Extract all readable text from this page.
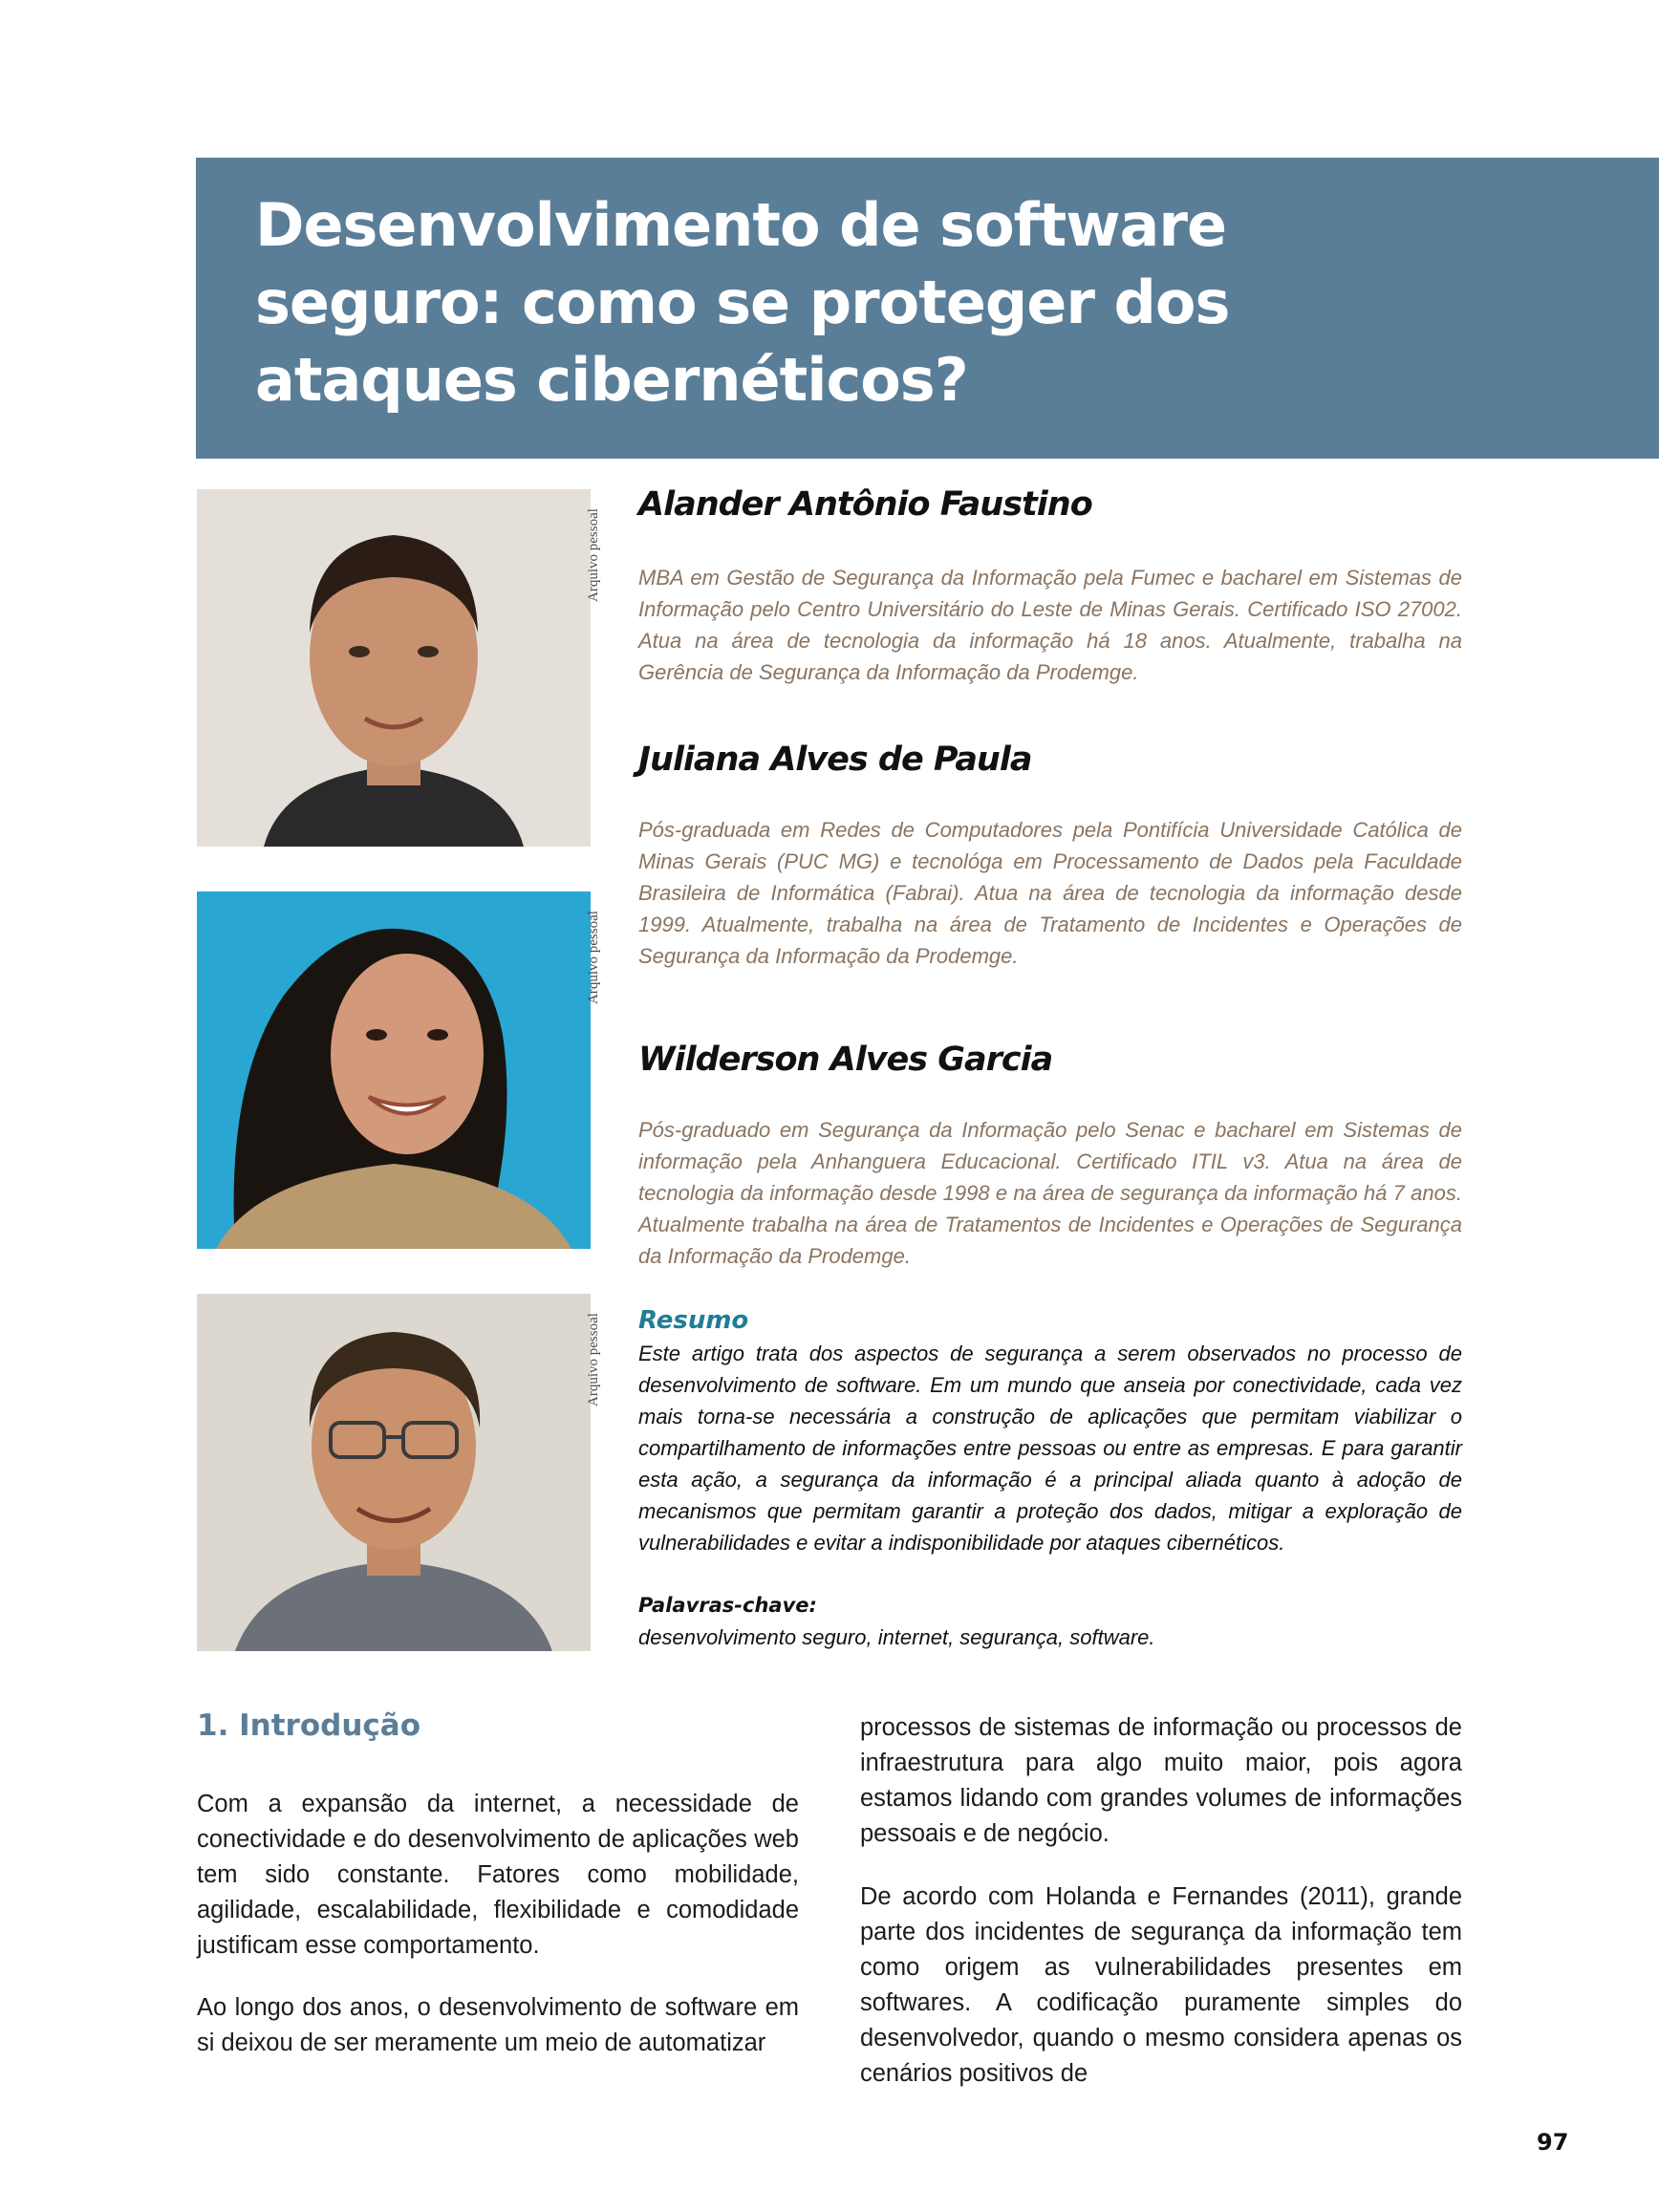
Desenvolvimento de software seguro: como se proteger dos ataques cibernéticos?
Arquivo pessoal
Arquivo pessoal
Arquivo pessoal
Alander Antônio Faustino

MBA em Gestão de Segurança da Informação pela Fumec e bacharel em Sistemas de Informação pelo Centro Universitário do Leste de Minas Gerais. Certificado ISO 27002. Atua na área de tecnologia da informação há 18 anos. Atualmente, trabalha na Gerência de Segurança da Informação da Prodemge.

Juliana Alves de Paula

Pós-graduada em Redes de Computadores pela Pontifícia Universidade Católica de Minas Gerais (PUC MG) e tecnológa em Processamento de Dados pela Faculdade Brasileira de Informática (Fabrai). Atua na área de tecnologia da informação desde 1999. Atualmente, trabalha na área de Tratamento de Incidentes e Operações de Segurança da Informação da Prodemge.

Wilderson Alves Garcia

Pós-graduado em Segurança da Informação pelo Senac e bacharel em Sistemas de informação pela Anhanguera Educacional. Certificado ITIL v3. Atua na área de tecnologia da informação desde 1998 e na área de segurança da informação há 7 anos. Atualmente trabalha na área de Tratamentos de Incidentes e Operações de Segurança da Informação da Prodemge.

Resumo

Este artigo trata dos aspectos de segurança a serem observados no processo de desenvolvimento de software. Em um mundo que anseia por conectividade, cada vez mais torna-se necessária a construção de aplicações que permitam viabilizar o compartilhamento de informações entre pessoas ou entre as empresas. E para garantir esta ação, a segurança da informação é a principal aliada quanto à adoção de mecanismos que permitam garantir a proteção dos dados, mitigar a exploração de vulnerabilidades e evitar a indisponibilidade por ataques cibernéticos.

Palavras-chave:

desenvolvimento seguro, internet, segurança, software.

1. Introdução

Com a expansão da internet, a necessidade de conectividade e do desenvolvimento de aplicações web tem sido constante. Fatores como mobilidade, agilidade, escalabilidade, flexibilidade e comodidade justificam esse comportamento.

Ao longo dos anos, o desenvolvimento de software em si deixou de ser meramente um meio de automatizar

processos de sistemas de informação ou processos de infraestrutura para algo muito maior, pois agora estamos lidando com grandes volumes de informações pessoais e de negócio.

De acordo com Holanda e Fernandes (2011), grande parte dos incidentes de segurança da informação tem como origem as vulnerabilidades presentes em softwares. A codificação puramente simples do desenvolvedor, quando o mesmo considera apenas os cenários positivos de

97
